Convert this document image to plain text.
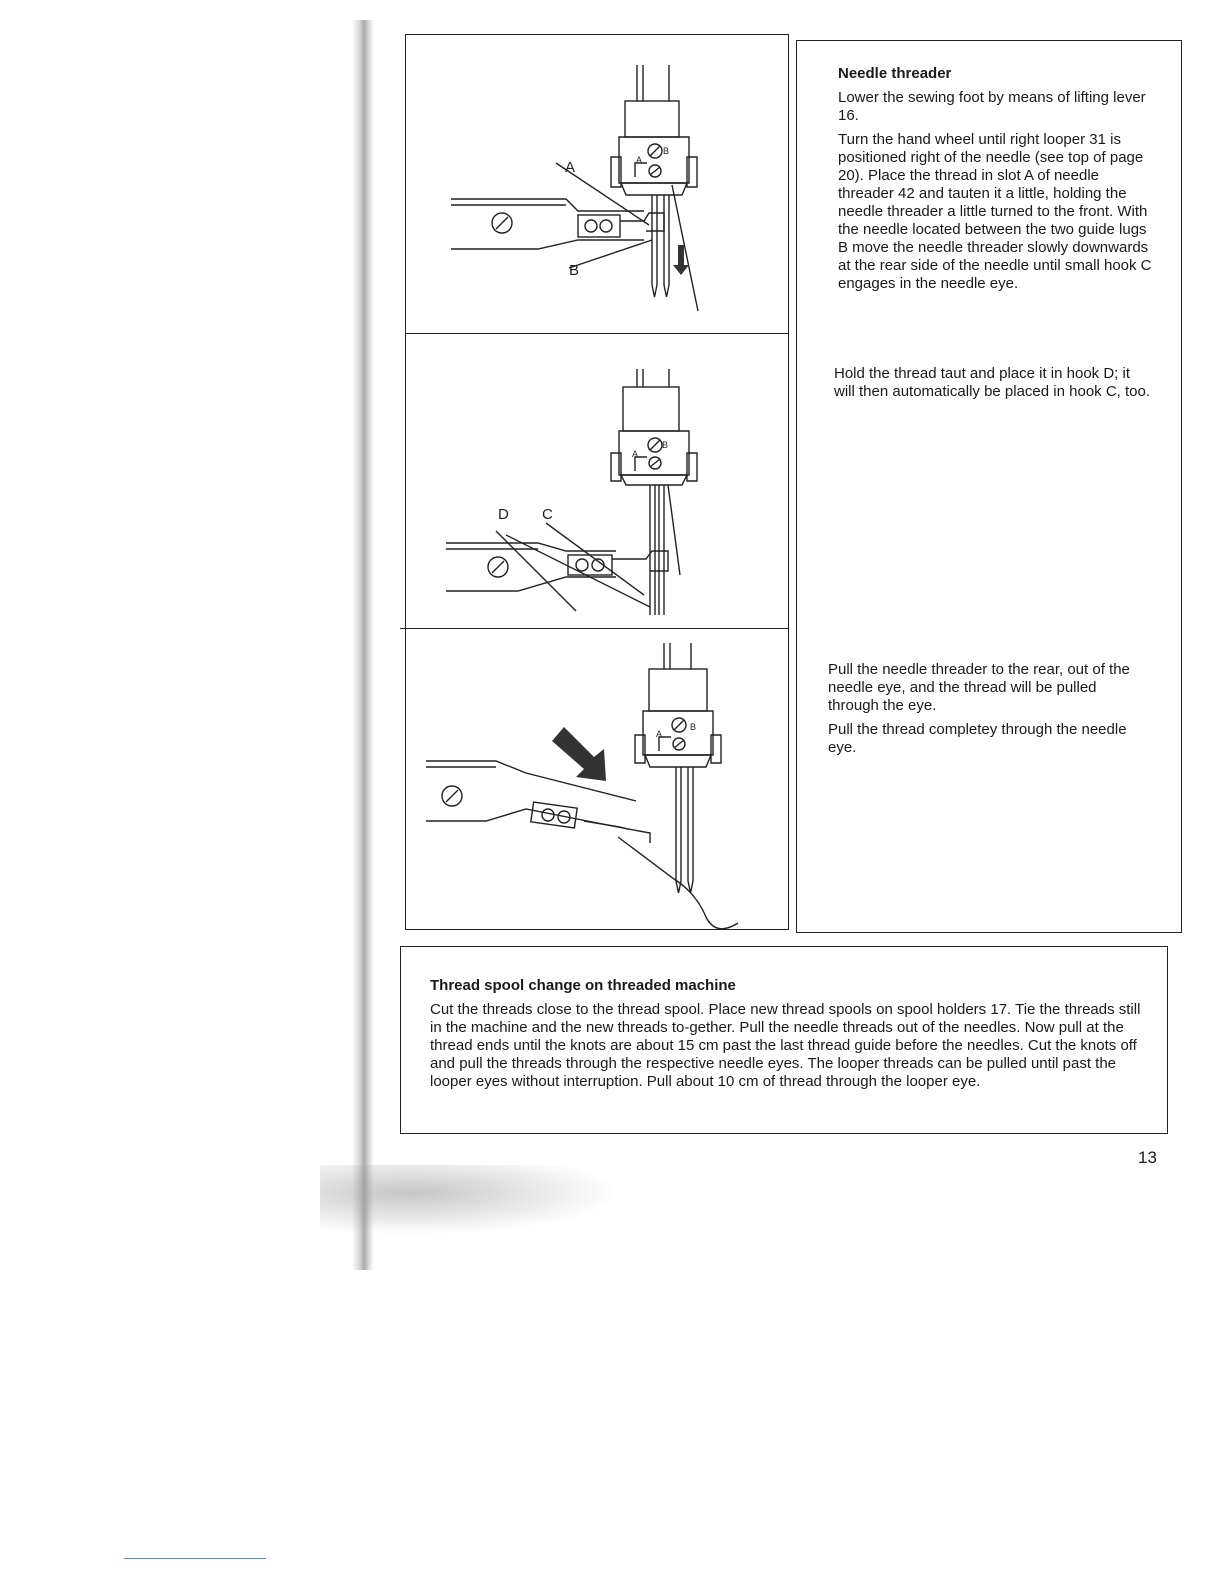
A
B
A
B
D C
A
B
A
B
Needle threader

Lower the sewing foot by means of lifting lever 16.

Turn the hand wheel until right looper 31 is positioned right of the needle (see top of page 20). Place the thread in slot A of needle threader 42 and tauten it a little, holding the needle threader a little turned to the front. With the needle located between the two guide lugs B move the needle threader slowly downwards at the rear side of the needle until small hook C engages in the needle eye.

Hold the thread taut and place it in hook D; it will then automatically be placed in hook C, too.

Pull the needle threader to the rear, out of the needle eye, and the thread will be pulled through the eye.

Pull the thread completey through the needle eye.

Thread spool change on threaded machine

Cut the threads close to the thread spool. Place new thread spools on spool holders 17. Tie the threads still in the machine and the new threads to-gether. Pull the needle threads out of the needles. Now pull at the thread ends until the knots are about 15 cm past the last thread guide before the needles. Cut the knots off and pull the threads through the respective needle eyes. The looper threads can be pulled until past the looper eyes without interruption. Pull about 10 cm of thread through the looper eye.

13
